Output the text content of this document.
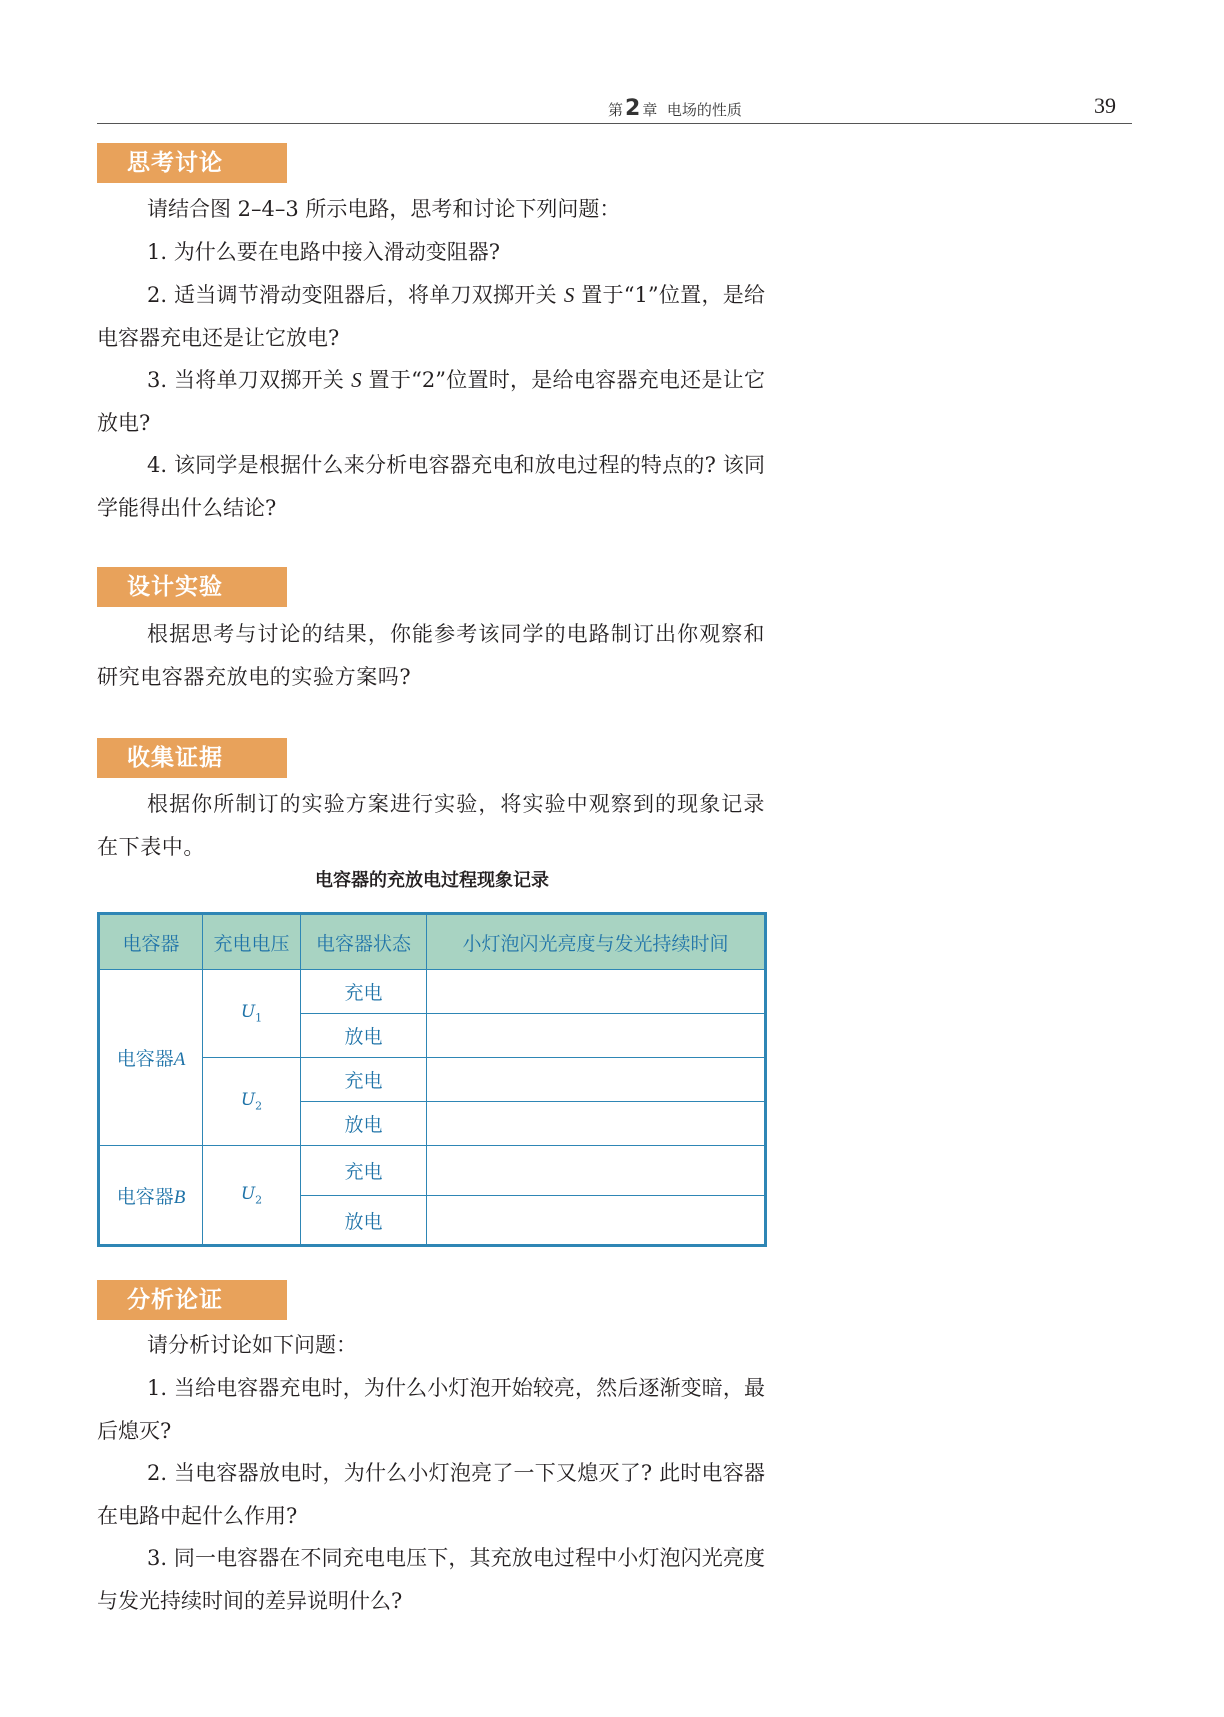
第2 章 电场的性质	39
思考讨论

请结合图 2–4–3 所示电路，思考和讨论下列问题：

1. 为什么要在电路中接入滑动变阻器?

2. 适当调节滑动变阻器后，将单刀双掷开关 S 置于“1”位置，是给电容器充电还是让它放电?

3. 当将单刀双掷开关 S 置于“2”位置时，是给电容器充电还是让它放电?

4. 该同学是根据什么来分析电容器充电和放电过程的特点的? 该同学能得出什么结论?

设计实验

根据思考与讨论的结果，你能参考该同学的电路制订出你观察和研究电容器充放电的实验方案吗?

收集证据

根据你所制订的实验方案进行实验，将实验中观察到的现象记录在下表中。

电容器的充放电过程现象记录
电容器	充电电压	电容器状态	小灯泡闪光亮度与发光持续时间
电容器A	$U_1$	充电	
		放电	
	$U_2$	充电	
		放电	
电容器B	$U_2$	充电	
		放电	
分析论证

请分析讨论如下问题：

1. 当给电容器充电时，为什么小灯泡开始较亮，然后逐渐变暗，最后熄灭?

2. 当电容器放电时，为什么小灯泡亮了一下又熄灭了? 此时电容器在电路中起什么作用?

3. 同一电容器在不同充电电压下，其充放电过程中小灯泡闪光亮度与发光持续时间的差异说明什么?
